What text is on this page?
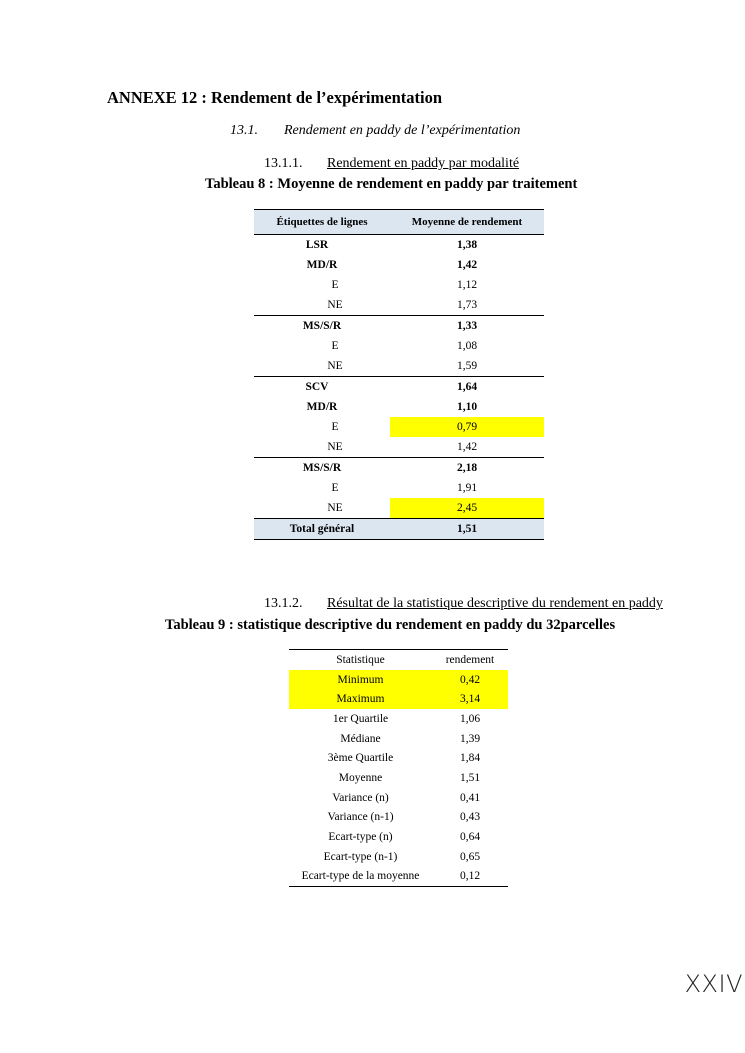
ANNEXE 12 : Rendement de l’expérimentation
13.1. Rendement en paddy de l’expérimentation
13.1.1. Rendement en paddy par modalité
Tableau 8 : Moyenne de rendement en paddy par traitement
Étiquettes de lignes	Moyenne de rendement
LSR	1,38
MD/R	1,42
E	1,12
NE	1,73
MS/S/R	1,33
E	1,08
NE	1,59
SCV	1,64
MD/R	1,10
E	0,79
NE	1,42
MS/S/R	2,18
E	1,91
NE	2,45
Total général	1,51
13.1.2. Résultat de la statistique descriptive du rendement en paddy
Tableau 9 : statistique descriptive du rendement en paddy du 32parcelles
Statistique	rendement
Minimum	0,42
Maximum	3,14
1er Quartile	1,06
Médiane	1,39
3ème Quartile	1,84
Moyenne	1,51
Variance (n)	0,41
Variance (n-1)	0,43
Ecart-type (n)	0,64
Ecart-type (n-1)	0,65
Ecart-type de la moyenne	0,12
XXIV
